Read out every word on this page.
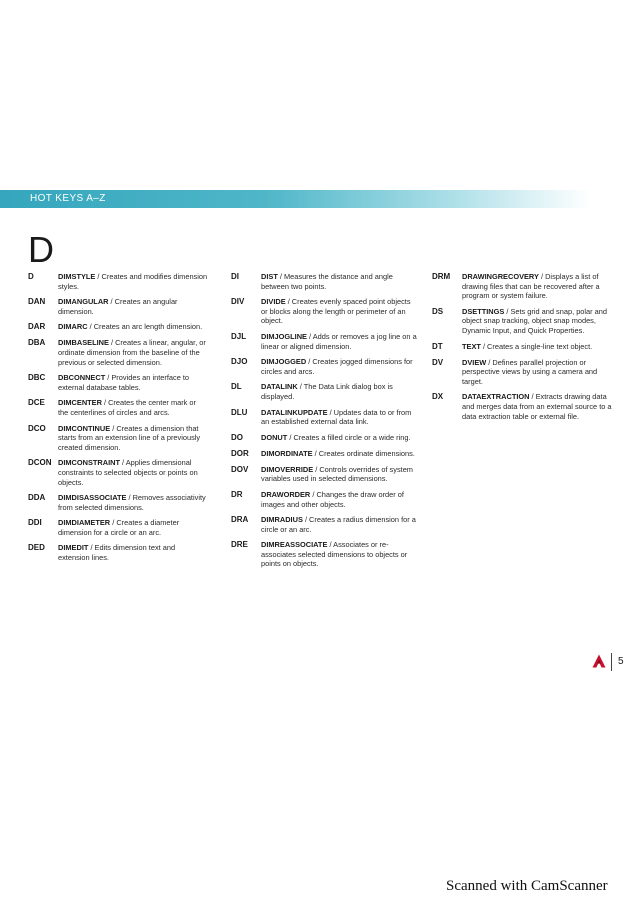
HOT KEYS A–Z
D
D	DIMSTYLE / Creates and modifies dimension styles.
DAN	DIMANGULAR / Creates an angular dimension.
DAR	DIMARC / Creates an arc length dimension.
DBA	DIMBASELINE / Creates a linear, angular, or ordinate dimension from the baseline of the previous or selected dimension.
DBC	DBCONNECT / Provides an interface to external database tables.
DCE	DIMCENTER / Creates the center mark or the centerlines of circles and arcs.
DCO	DIMCONTINUE / Creates a dimension that starts from an extension line of a previously created dimension.
DCON DIMCONSTRAINT / Applies dimensional constraints to selected objects or points on objects.
DDA	DIMDISASSOCIATE / Removes associativity from selected dimensions.
DDI	DIMDIAMETER / Creates a diameter dimension for a circle or an arc.
DED	DIMEDIT / Edits dimension text and extension lines.
DI	DIST / Measures the distance and angle between two points.
DIV	DIVIDE / Creates evenly spaced point objects or blocks along the length or perimeter of an object.
DJL	DIMJOGLINE / Adds or removes a jog line on a linear or aligned dimension.
DJO	DIMJOGGED / Creates jogged dimensions for circles and arcs.
DL	DATALINK / The Data Link dialog box is displayed.
DLU	DATALINKUPDATE / Updates data to or from an established external data link.
DO	DONUT / Creates a filled circle or a wide ring.
DOR	DIMORDINATE / Creates ordinate dimensions.
DOV	DIMOVERRIDE / Controls overrides of system variables used in selected dimensions.
DR	DRAWORDER / Changes the draw order of images and other objects.
DRA	DIMRADIUS / Creates a radius dimension for a circle or an arc.
DRE	DIMREASSOCIATE / Associates or re-associates selected dimensions to objects or points on objects.
DRM	DRAWINGRECOVERY / Displays a list of drawing files that can be recovered after a program or system failure.
DS	DSETTINGS / Sets grid and snap, polar and object snap tracking, object snap modes, Dynamic Input, and Quick Properties.
DT	TEXT / Creates a single-line text object.
DV	DVIEW / Defines parallel projection or perspective views by using a camera and target.
DX	DATAEXTRACTION / Extracts drawing data and merges data from an external source to a data extraction table or external file.
5
Scanned with CamScanner
